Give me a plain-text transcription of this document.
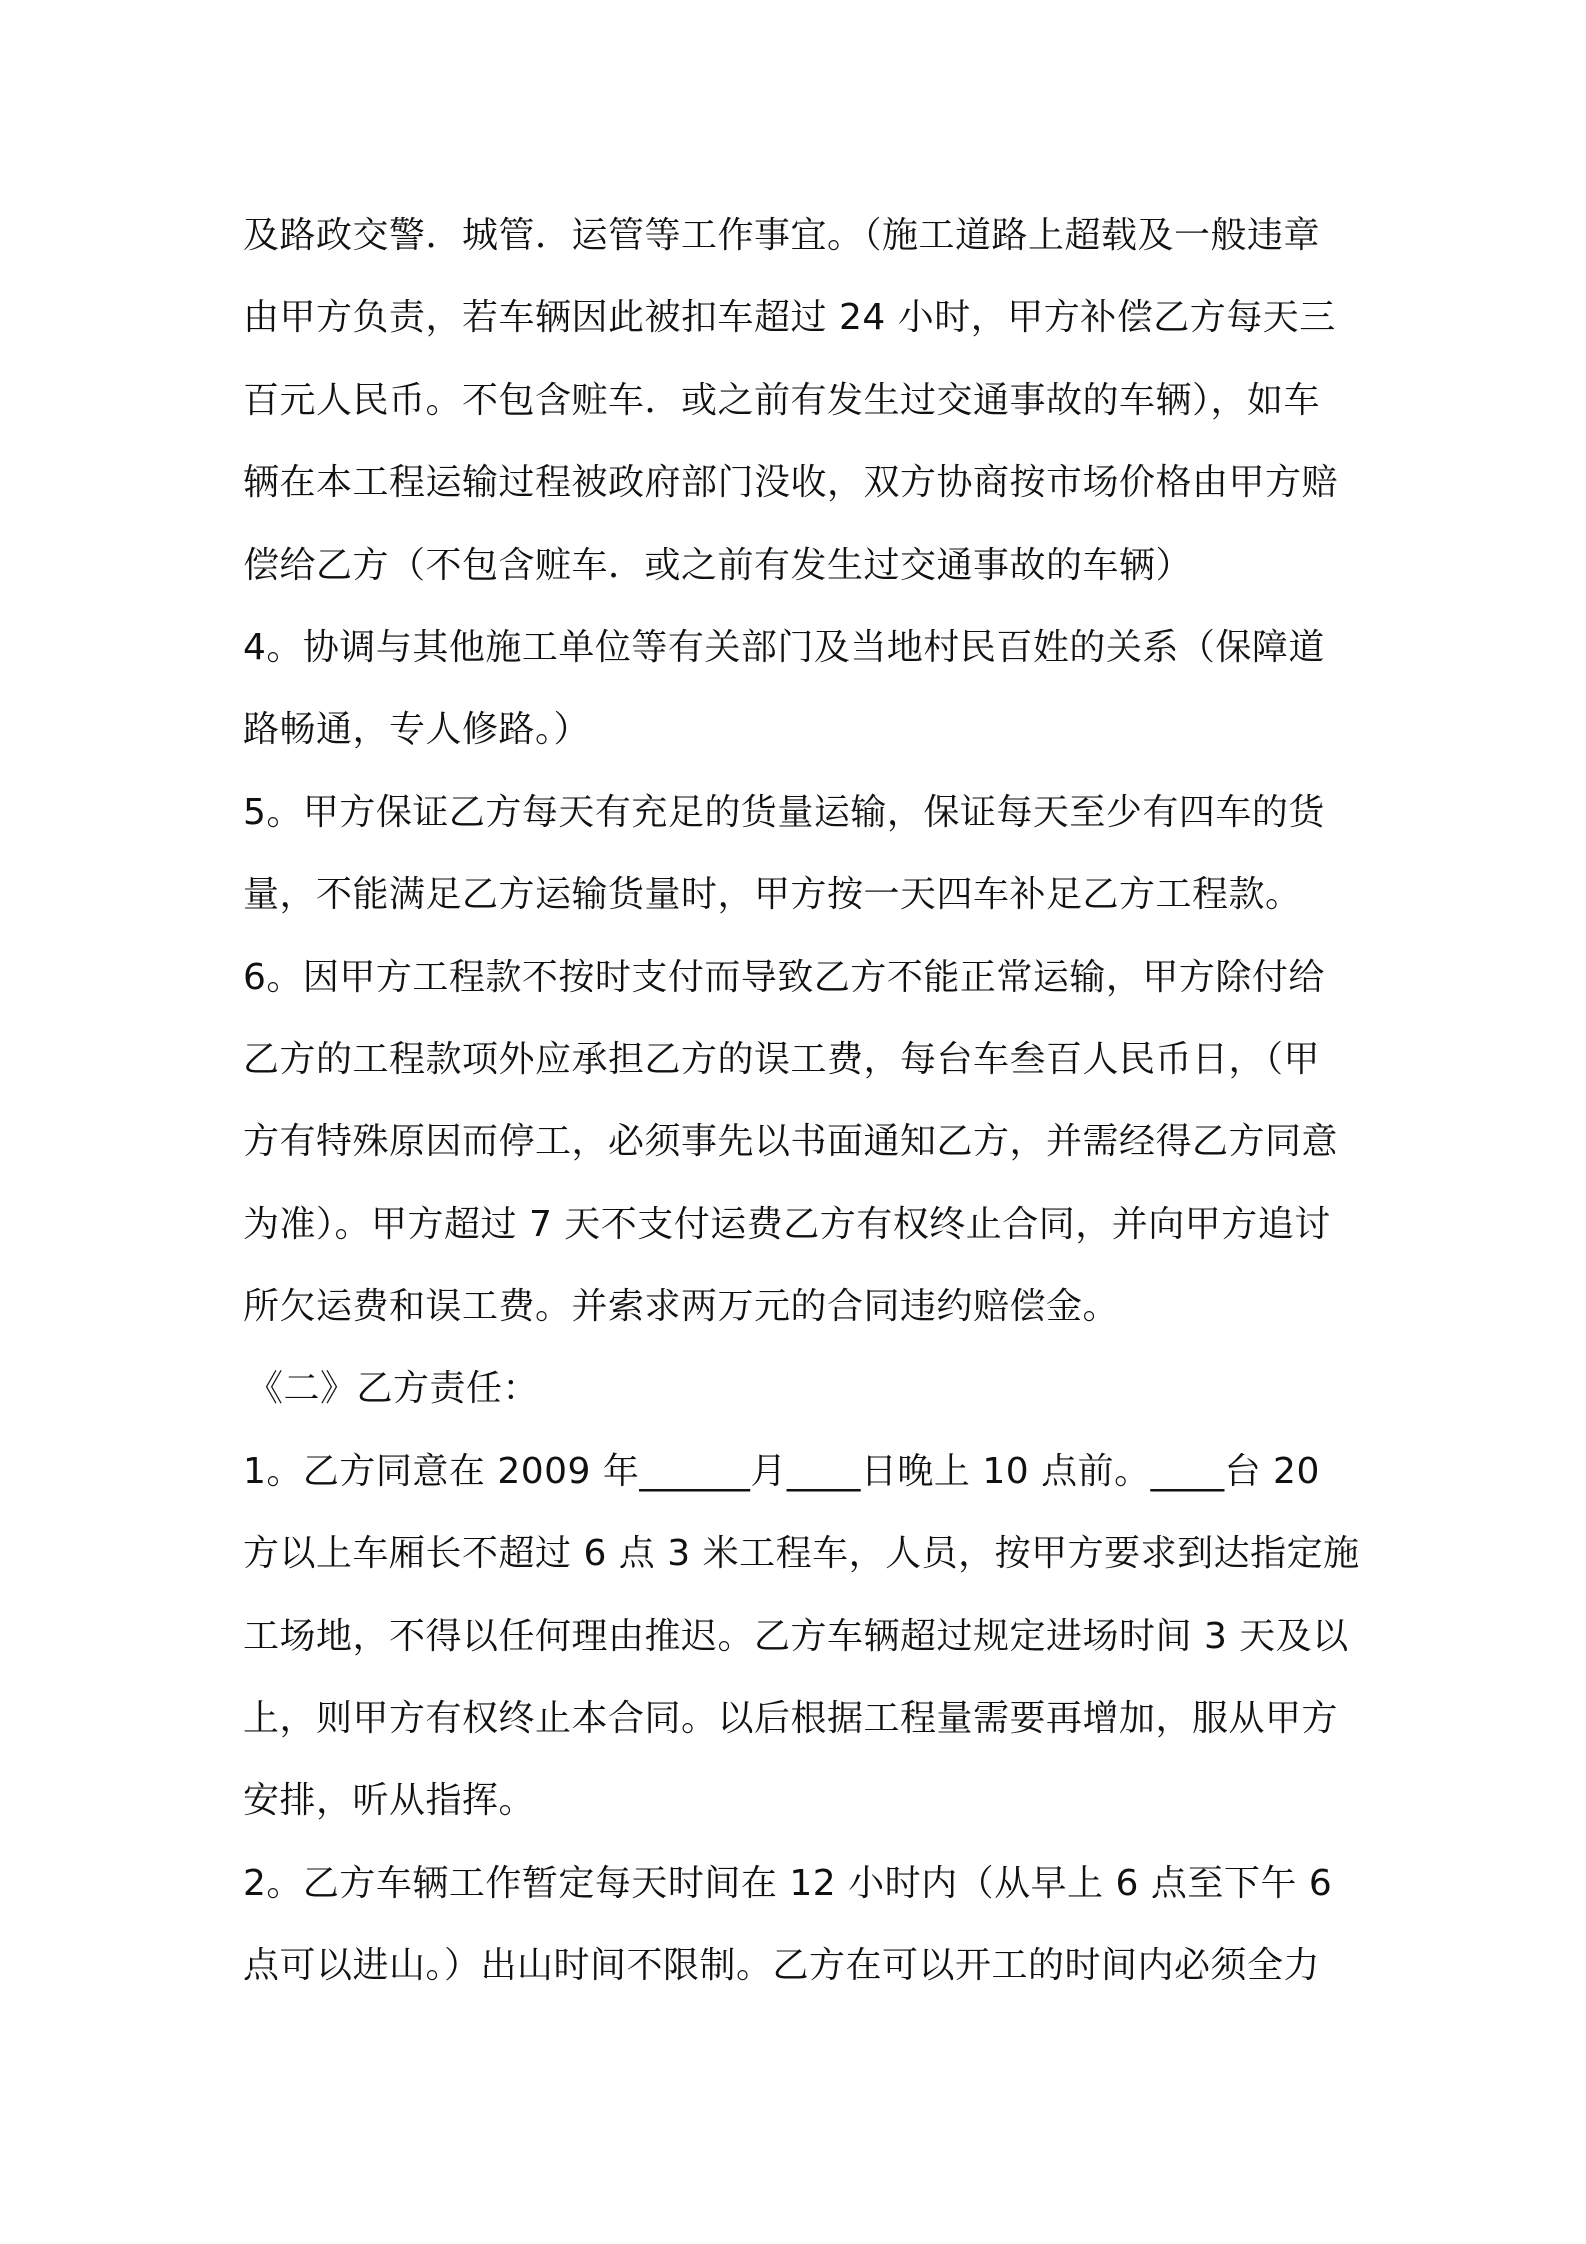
及路政交警．城管．运管等工作事宜。（施工道路上超载及一般违章
由甲方负责，若车辆因此被扣车超过 24 小时，甲方补偿乙方每天三
百元人民币。不包含赃车．或之前有发生过交通事故的车辆），如车
辆在本工程运输过程被政府部门没收，双方协商按市场价格由甲方赔
偿给乙方（不包含赃车．或之前有发生过交通事故的车辆）
4。协调与其他施工单位等有关部门及当地村民百姓的关系（保障道
路畅通，专人修路。）
5。甲方保证乙方每天有充足的货量运输，保证每天至少有四车的货
量，不能满足乙方运输货量时，甲方按一天四车补足乙方工程款。
6。因甲方工程款不按时支付而导致乙方不能正常运输，甲方除付给
乙方的工程款项外应承担乙方的误工费，每台车叁百人民币日，（甲
方有特殊原因而停工，必须事先以书面通知乙方，并需经得乙方同意
为准）。甲方超过 7 天不支付运费乙方有权终止合同，并向甲方追讨
所欠运费和误工费。并索求两万元的合同违约赔偿金。
《二》乙方责任：
1。乙方同意在 2009 年______月____日晚上 10 点前。____台 20
方以上车厢长不超过 6 点 3 米工程车，人员，按甲方要求到达指定施
工场地，不得以任何理由推迟。乙方车辆超过规定进场时间 3 天及以
上，则甲方有权终止本合同。以后根据工程量需要再增加，服从甲方
安排，听从指挥。
2。乙方车辆工作暂定每天时间在 12 小时内（从早上 6 点至下午 6
点可以进山。）出山时间不限制。乙方在可以开工的时间内必须全力
